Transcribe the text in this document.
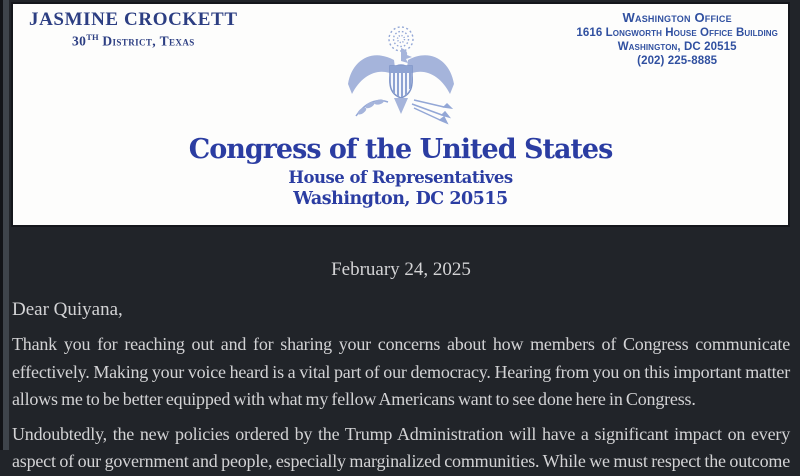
JASMINE CROCKETT
30TH District, Texas
Washington Office
1616 Longworth House Office Building
Washington, DC 20515
(202) 225-8885
Congress of the United States
House of Representatives
Washington, DC 20515
February 24, 2025
Dear Quiyana,

Thank you for reaching out and for sharing your concerns about how members of Congress communicate
effectively. Making your voice heard is a vital part of our democracy. Hearing from you on this important matter
allows me to be better equipped with what my fellow Americans want to see done here in Congress.

Undoubtedly, the new policies ordered by the Trump Administration will have a significant impact on every
aspect of our government and people, especially marginalized communities. While we must respect the outcome
